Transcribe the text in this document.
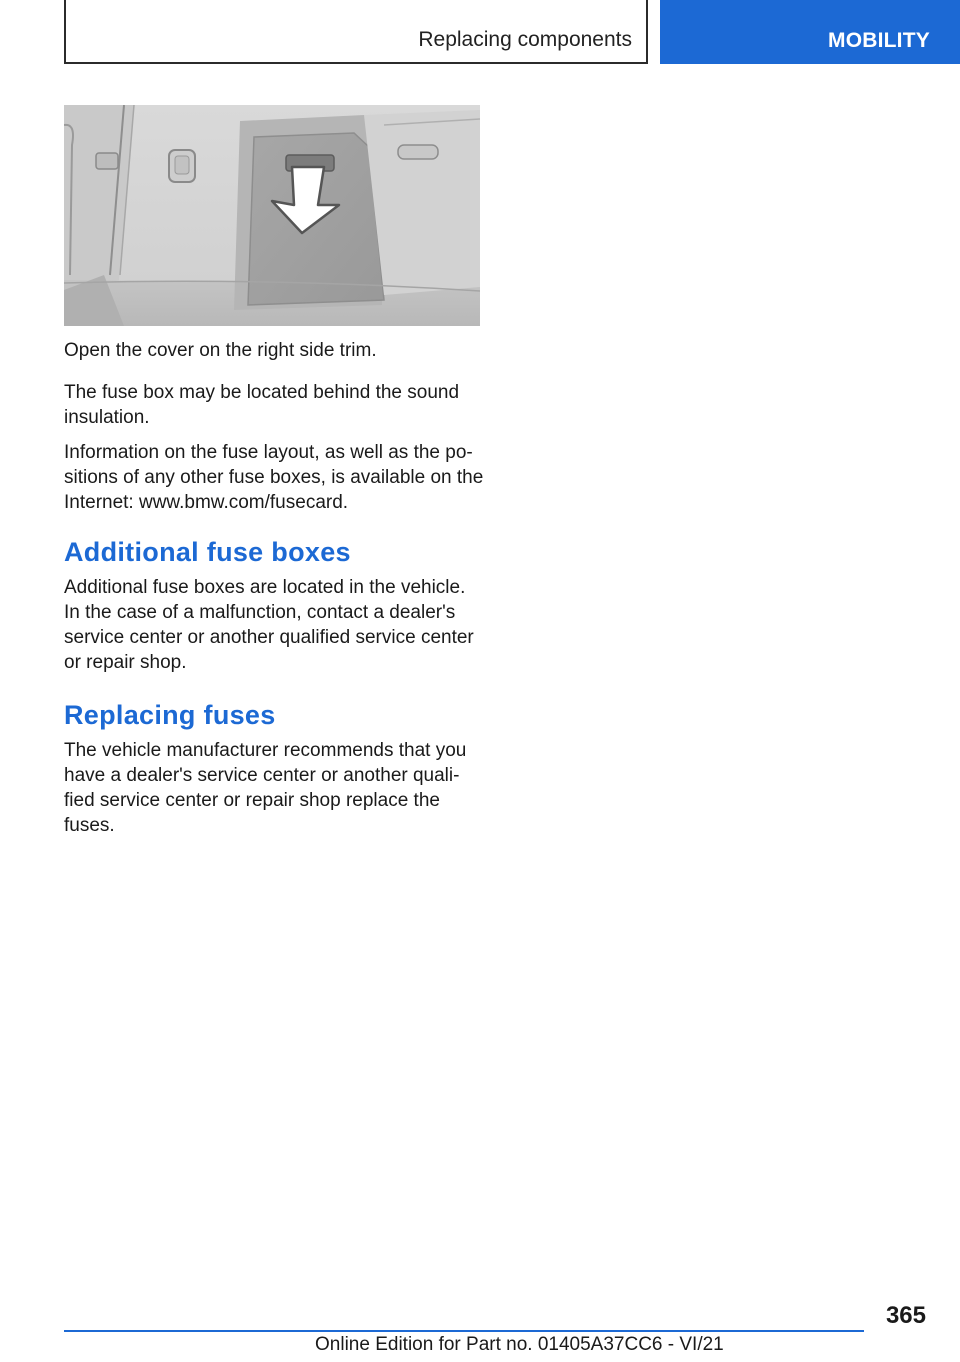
Replacing components	MOBILITY

Open the cover on the right side trim.

The fuse box may be located behind the sound

insulation.

Information on the fuse layout, as well as the po‐

sitions of any other fuse boxes, is available on the

Internet: www.bmw.com/fusecard.

Additional fuse boxes

Additional fuse boxes are located in the vehicle.

In the case of a malfunction, contact a dealer's

service center or another qualified service center

or repair shop.

Replacing fuses

The vehicle manufacturer recommends that you

have a dealer's service center or another quali‐

fied service center or repair shop replace the

fuses.

365
Online Edition for Part no. 01405A37CC6 - VI/21
